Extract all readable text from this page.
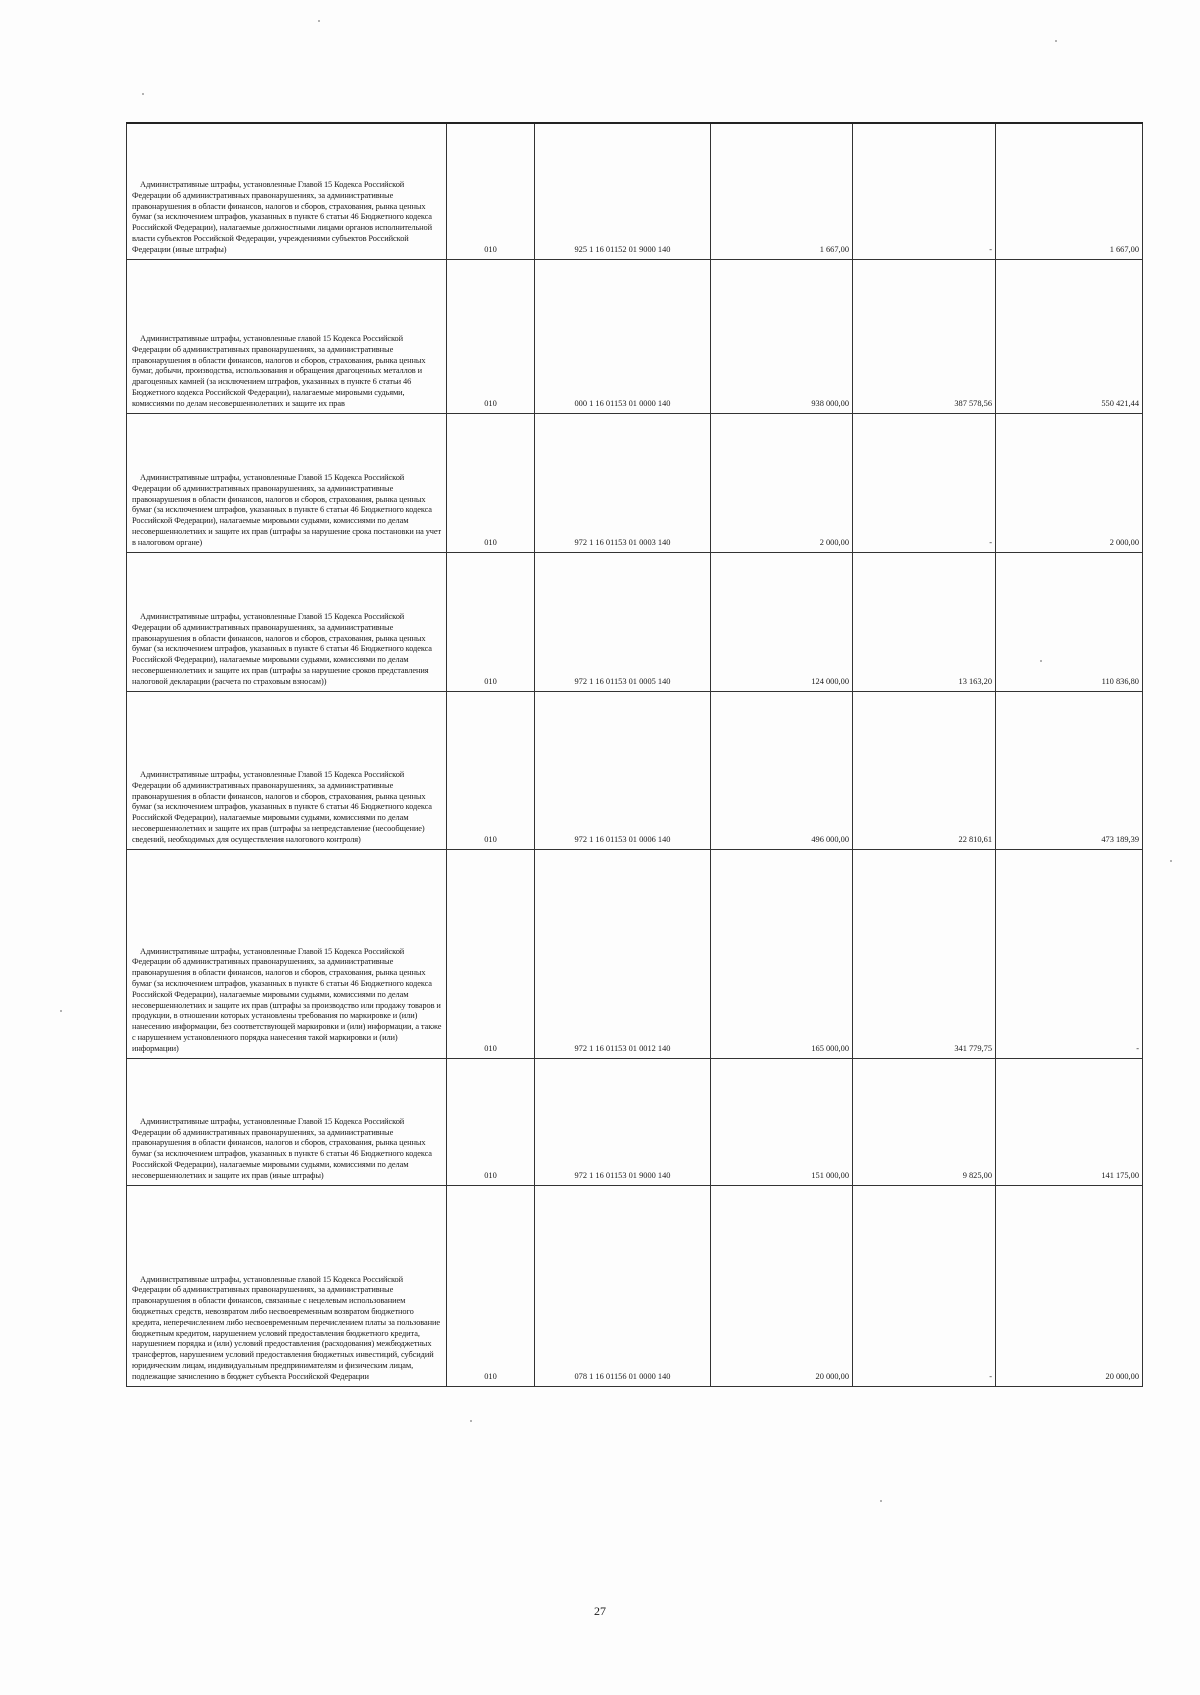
Административные штрафы, установленные Главой 15 Кодекса Российской Федерации об административных правонарушениях, за административные правонарушения в области финансов, налогов и сборов, страхования, рынка ценных бумаг (за исключением штрафов, указанных в пункте 6 статьи 46 Бюджетного кодекса Российской Федерации), налагаемые должностными лицами органов исполнительной власти субъектов Российской Федерации, учреждениями субъектов Российской Федерации (иные штрафы)	010	925 1 16 01152 01 9000 140	1 667,00	-	1 667,00
Административные штрафы, установленные главой 15 Кодекса Российской Федерации об административных правонарушениях, за административные правонарушения в области финансов, налогов и сборов, страхования, рынка ценных бумаг, добычи, производства, использования и обращения драгоценных металлов и драгоценных камней (за исключением штрафов, указанных в пункте 6 статьи 46 Бюджетного кодекса Российской Федерации), налагаемые мировыми судьями, комиссиями по делам несовершеннолетних и защите их прав	010	000 1 16 01153 01 0000 140	938 000,00	387 578,56	550 421,44
Административные штрафы, установленные Главой 15 Кодекса Российской Федерации об административных правонарушениях, за административные правонарушения в области финансов, налогов и сборов, страхования, рынка ценных бумаг (за исключением штрафов, указанных в пункте 6 статьи 46 Бюджетного кодекса Российской Федерации), налагаемые мировыми судьями, комиссиями по делам несовершеннолетних и защите их прав (штрафы за нарушение срока постановки на учет в налоговом органе)	010	972 1 16 01153 01 0003 140	2 000,00	-	2 000,00
Административные штрафы, установленные Главой 15 Кодекса Российской Федерации об административных правонарушениях, за административные правонарушения в области финансов, налогов и сборов, страхования, рынка ценных бумаг (за исключением штрафов, указанных в пункте 6 статьи 46 Бюджетного кодекса Российской Федерации), налагаемые мировыми судьями, комиссиями по делам несовершеннолетних и защите их прав (штрафы за нарушение сроков представления налоговой декларации (расчета по страховым взносам))	010	972 1 16 01153 01 0005 140	124 000,00	13 163,20	110 836,80
Административные штрафы, установленные Главой 15 Кодекса Российской Федерации об административных правонарушениях, за административные правонарушения в области финансов, налогов и сборов, страхования, рынка ценных бумаг (за исключением штрафов, указанных в пункте 6 статьи 46 Бюджетного кодекса Российской Федерации), налагаемые мировыми судьями, комиссиями по делам несовершеннолетних и защите их прав (штрафы за непредставление (несообщение) сведений, необходимых для осуществления налогового контроля)	010	972 1 16 01153 01 0006 140	496 000,00	22 810,61	473 189,39
Административные штрафы, установленные Главой 15 Кодекса Российской Федерации об административных правонарушениях, за административные правонарушения в области финансов, налогов и сборов, страхования, рынка ценных бумаг (за исключением штрафов, указанных в пункте 6 статьи 46 Бюджетного кодекса Российской Федерации), налагаемые мировыми судьями, комиссиями по делам несовершеннолетних и защите их прав (штрафы за производство или продажу товаров и продукции, в отношении которых установлены требования по маркировке и (или) нанесению информации, без соответствующей маркировки и (или) информации, а также с нарушением установленного порядка нанесения такой маркировки и (или) информации)	010	972 1 16 01153 01 0012 140	165 000,00	341 779,75	-
Административные штрафы, установленные Главой 15 Кодекса Российской Федерации об административных правонарушениях, за административные правонарушения в области финансов, налогов и сборов, страхования, рынка ценных бумаг (за исключением штрафов, указанных в пункте 6 статьи 46 Бюджетного кодекса Российской Федерации), налагаемые мировыми судьями, комиссиями по делам несовершеннолетних и защите их прав (иные штрафы)	010	972 1 16 01153 01 9000 140	151 000,00	9 825,00	141 175,00
Административные штрафы, установленные главой 15 Кодекса Российской Федерации об административных правонарушениях, за административные правонарушения в области финансов, связанные с нецелевым использованием бюджетных средств, невозвратом либо несвоевременным возвратом бюджетного кредита, неперечислением либо несвоевременным перечислением платы за пользование бюджетным кредитом, нарушением условий предоставления бюджетного кредита, нарушением порядка и (или) условий предоставления (расходования) межбюджетных трансфертов, нарушением условий предоставления бюджетных инвестиций, субсидий юридическим лицам, индивидуальным предпринимателям и физическим лицам, подлежащие зачислению в бюджет субъекта Российской Федерации	010	078 1 16 01156 01 0000 140	20 000,00	-	20 000,00
27
